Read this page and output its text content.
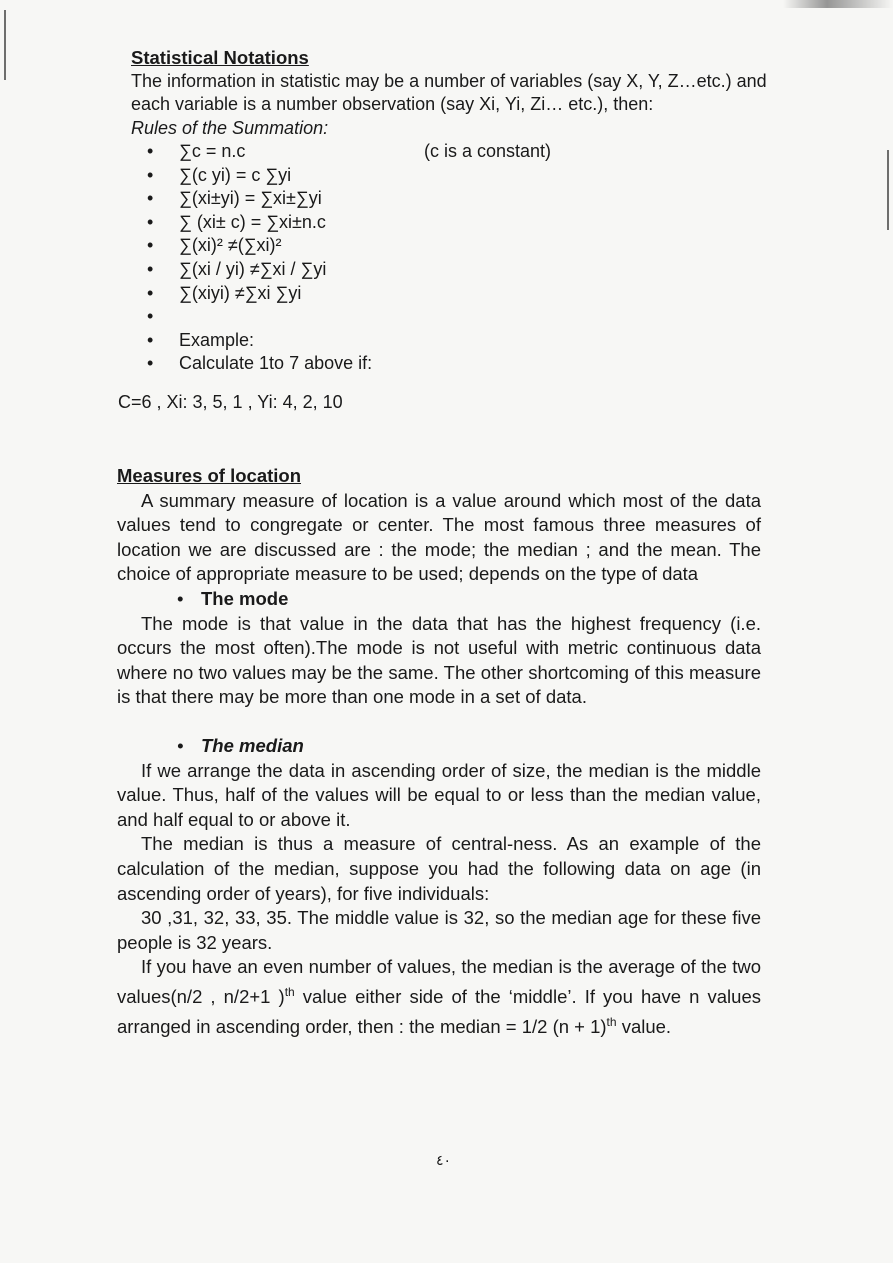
Statistical Notations
The information in statistic may be a number of variables (say X, Y, Z…etc.) and each variable is a number observation (say Xi, Yi, Zi… etc.), then:
Rules of the Summation:
• ∑c = n.c	(c is a constant)
• ∑(c yi) = c ∑yi
• ∑(xi±yi) = ∑xi±∑yi
• ∑ (xi± c) = ∑xi±n.c
• ∑(xi)² ≠(∑xi)²
• ∑(xi / yi) ≠∑xi / ∑yi
• ∑(xiyi) ≠∑xi ∑yi
•
• Example:
• Calculate 1to 7 above if:
C=6 , Xi: 3, 5, 1 , Yi: 4, 2, 10
Measures of location

A summary measure of location is a value around which most of the data values tend to congregate or center. The most famous three measures of location we are discussed are : the mode; the median ; and the mean. The choice of appropriate measure to be used; depends on the type of data

• The mode

The mode is that value in the data that has the highest frequency (i.e. occurs the most often).The mode is not useful with metric continuous data where no two values may be the same. The other shortcoming of this measure is that there may be more than one mode in a set of data.

• The median

If we arrange the data in ascending order of size, the median is the middle value. Thus, half of the values will be equal to or less than the median value, and half equal to or above it.

The median is thus a measure of central-ness. As an example of the calculation of the median, suppose you had the following data on age (in ascending order of years), for five individuals:

30 ,31, 32, 33, 35. The middle value is 32, so the median age for these five people is 32 years.

If you have an even number of values, the median is the average of the two values(n/2 , n/2+1 )$^{th}$ value either side of the ‘middle’. If you have n values arranged in ascending order, then : the median = 1/2 $(n + 1)^{th}$ value.

٤٠
